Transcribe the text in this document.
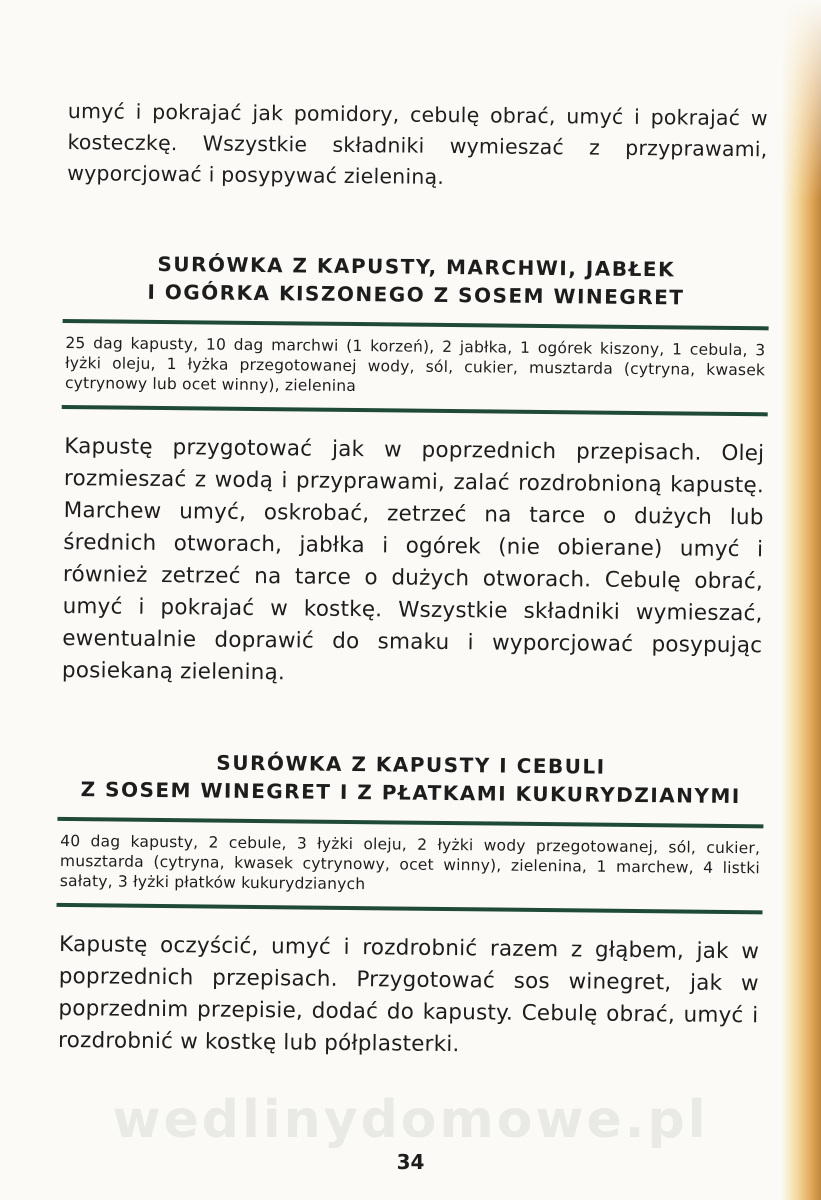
umyć i pokrajać jak pomidory, cebulę obrać, umyć i pokrajać w kosteczkę. Wszystkie składniki wymieszać z przyprawami, wyporcjować i posypywać zieleniną.

SURÓWKA Z KAPUSTY, MARCHWI, JABŁEK
I OGÓRKA KISZONEGO Z SOSEM WINEGRET

25 dag kapusty, 10 dag marchwi (1 korzeń), 2 jabłka, 1 ogórek kiszony, 1 cebula, 3 łyżki oleju, 1 łyżka przegotowanej wody, sól, cukier, musztarda (cytryna, kwasek cytrynowy lub ocet winny), zielenina

Kapustę przygotować jak w poprzednich przepisach. Olej rozmieszać z wodą i przyprawami, zalać rozdrobnioną kapustę. Marchew umyć, oskrobać, zetrzeć na tarce o dużych lub średnich otworach, jabłka i ogórek (nie obierane) umyć i również zetrzeć na tarce o dużych otworach. Cebulę obrać, umyć i pokrajać w kostkę. Wszystkie składniki wymieszać, ewentualnie doprawić do smaku i wyporcjować posypując posiekaną zieleniną.

SURÓWKA Z KAPUSTY I CEBULI
Z SOSEM WINEGRET I Z PŁATKAMI KUKURYDZIANYMI

40 dag kapusty, 2 cebule, 3 łyżki oleju, 2 łyżki wody przegotowanej, sól, cukier, musztarda (cytryna, kwasek cytrynowy, ocet winny), zielenina, 1 marchew, 4 listki sałaty, 3 łyżki płatków kukurydzianych

Kapustę oczyścić, umyć i rozdrobnić razem z głąbem, jak w poprzednich przepisach. Przygotować sos winegret, jak w poprzednim przepisie, dodać do kapusty. Cebulę obrać, umyć i rozdrobnić w kostkę lub półplasterki.

wedlinydomowe.pl
34
